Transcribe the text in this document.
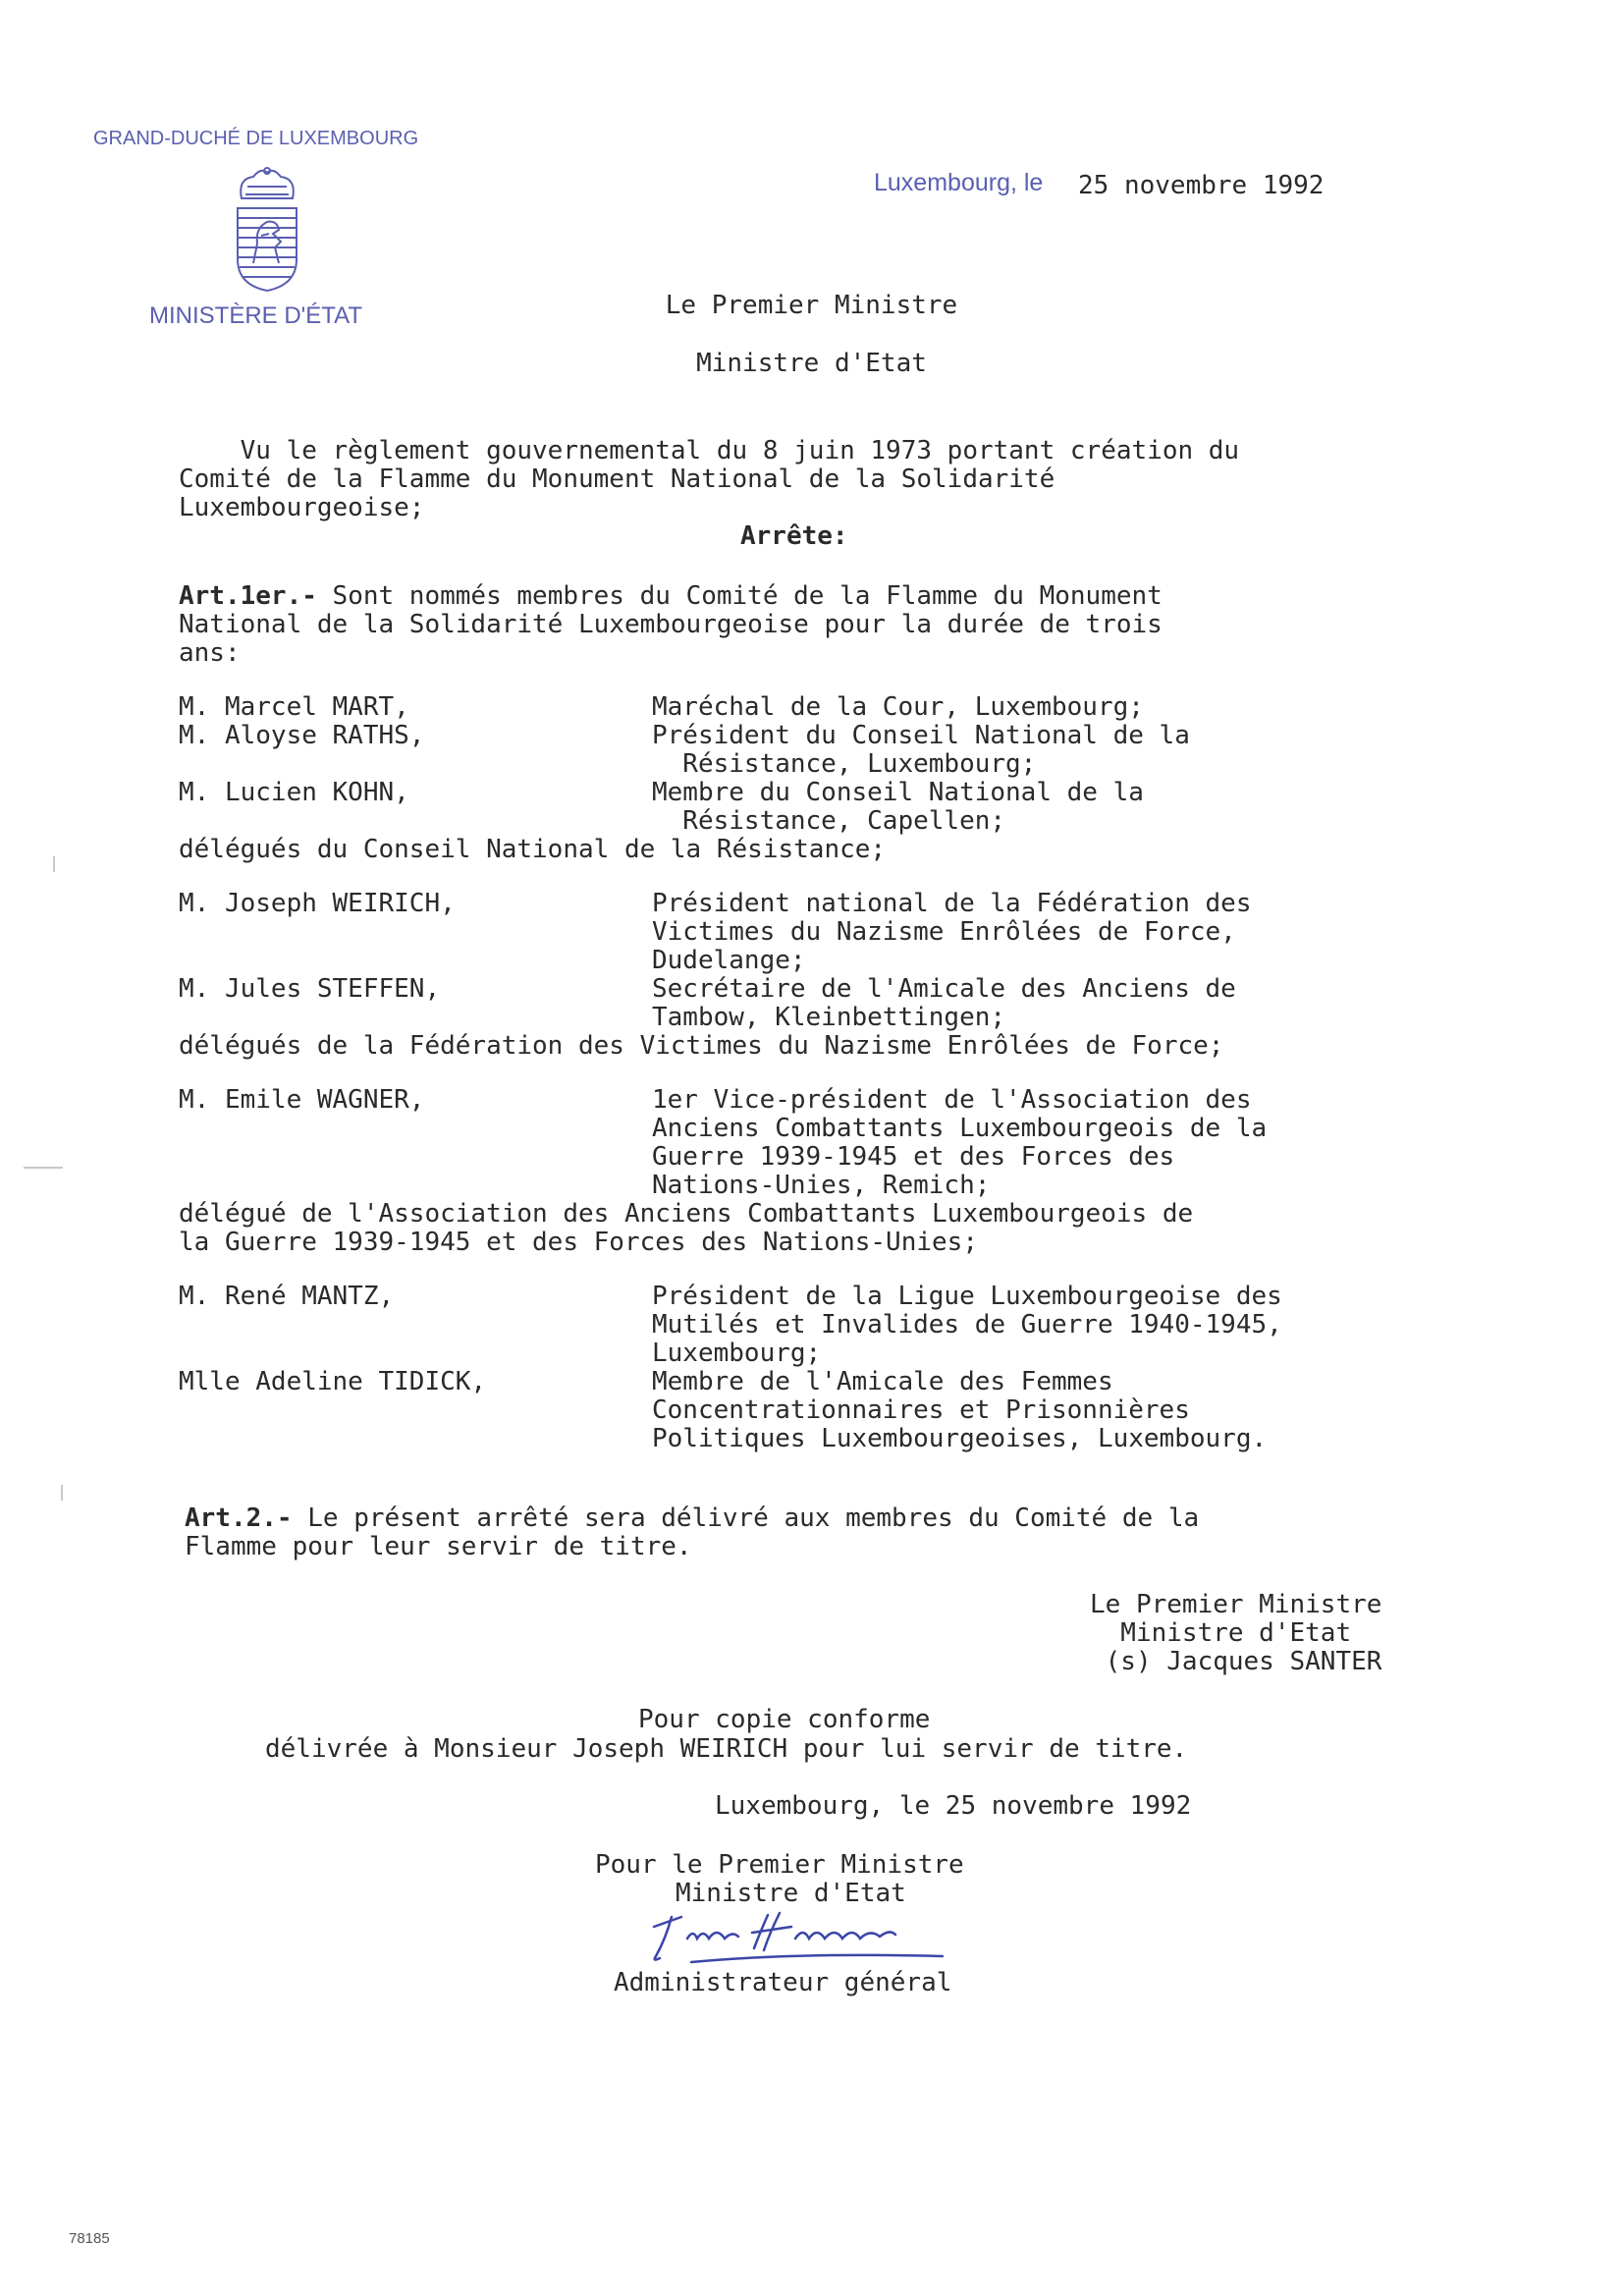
GRAND-DUCHÉ DE LUXEMBOURG
MINISTÈRE D'ÉTAT
Luxembourg, le 25 novembre 1992
Le Premier Ministre
Ministre d'Etat
Vu le règlement gouvernemental du 8 juin 1973 portant création du
Comité de la Flamme du Monument National de la Solidarité
Luxembourgeoise;
Arrête:
Art.1er.- Sont nommés membres du Comité de la Flamme du Monument
National de la Solidarité Luxembourgeoise pour la durée de trois
ans:
M. Marcel MART,	Maréchal de la Cour, Luxembourg;
M. Aloyse RATHS,	Président du Conseil National de la
Résistance, Luxembourg;
M. Lucien KOHN,	Membre du Conseil National de la
Résistance, Capellen;
délégués du Conseil National de la Résistance;
M. Joseph WEIRICH,	Président national de la Fédération des
Victimes du Nazisme Enrôlées de Force,
Dudelange;
M. Jules STEFFEN,	Secrétaire de l'Amicale des Anciens de
Tambow, Kleinbettingen;
délégués de la Fédération des Victimes du Nazisme Enrôlées de Force;
M. Emile WAGNER,	1er Vice-président de l'Association des
Anciens Combattants Luxembourgeois de la
Guerre 1939-1945 et des Forces des
Nations-Unies, Remich;
délégué de l'Association des Anciens Combattants Luxembourgeois de
la Guerre 1939-1945 et des Forces des Nations-Unies;
M. René MANTZ,	Président de la Ligue Luxembourgeoise des
Mutilés et Invalides de Guerre 1940-1945,
Luxembourg;
Mlle Adeline TIDICK,	Membre de l'Amicale des Femmes
Concentrationnaires et Prisonnières
Politiques Luxembourgeoises, Luxembourg.
Art.2.- Le présent arrêté sera délivré aux membres du Comité de la
Flamme pour leur servir de titre.
Le Premier Ministre
Ministre d'Etat
(s) Jacques SANTER
Pour copie conforme
délivrée à Monsieur Joseph WEIRICH pour lui servir de titre.
Luxembourg, le 25 novembre 1992
Pour le Premier Ministre
Ministre d'Etat
Administrateur général
78185
